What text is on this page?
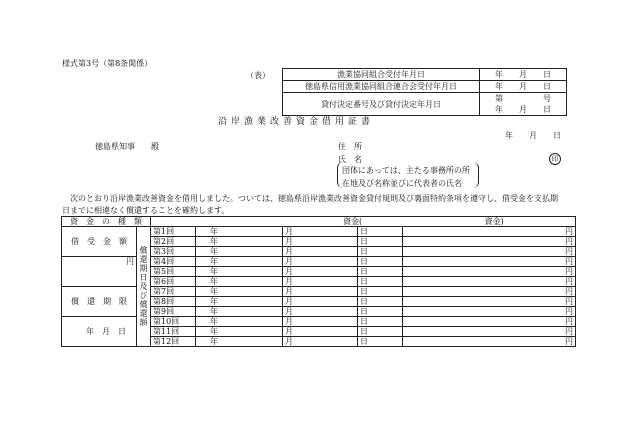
様式第3号（第8条関係）
（表）	漁業協同組合受付年月日	年　　月　　日
徳島県信用漁業協同組合連合会受付年月日	年　　月　　日
貸付決定番号及び貸付決定年月日	第　　　　　号
年　　月　　日
沿岸漁業改善資金借用証書
年　　月　　日
徳島県知事　　殿	住　所
氏　名	印
団体にあっては、主たる事務所の所
在地及び名称並びに代表者の氏名
次のとおり沿岸漁業改善資金を借用しました。ついては、徳島県沿岸漁業改善資金貸付規則及び裏面特約条項を遵守し、借受金を支払期
日までに相違なく償還することを確約します。
資　金　の　種　類		資金( 資金)				
借　受　金　額	償還期日及び償還額	第1回	年	月	日	円
		第2回	年	月	日	円
		第3回	年	月	日	円
円		第4回	年	月	日	円
		第5回	年	月	日	円
		第6回	年	月	日	円
償　還　期　限		第7回	年	月	日	円
		第8回	年	月	日	円
		第9回	年	月	日	円
年　月　日		第10回	年	月	日	円
		第11回	年	月	日	円
		第12回	年	月	日	円
